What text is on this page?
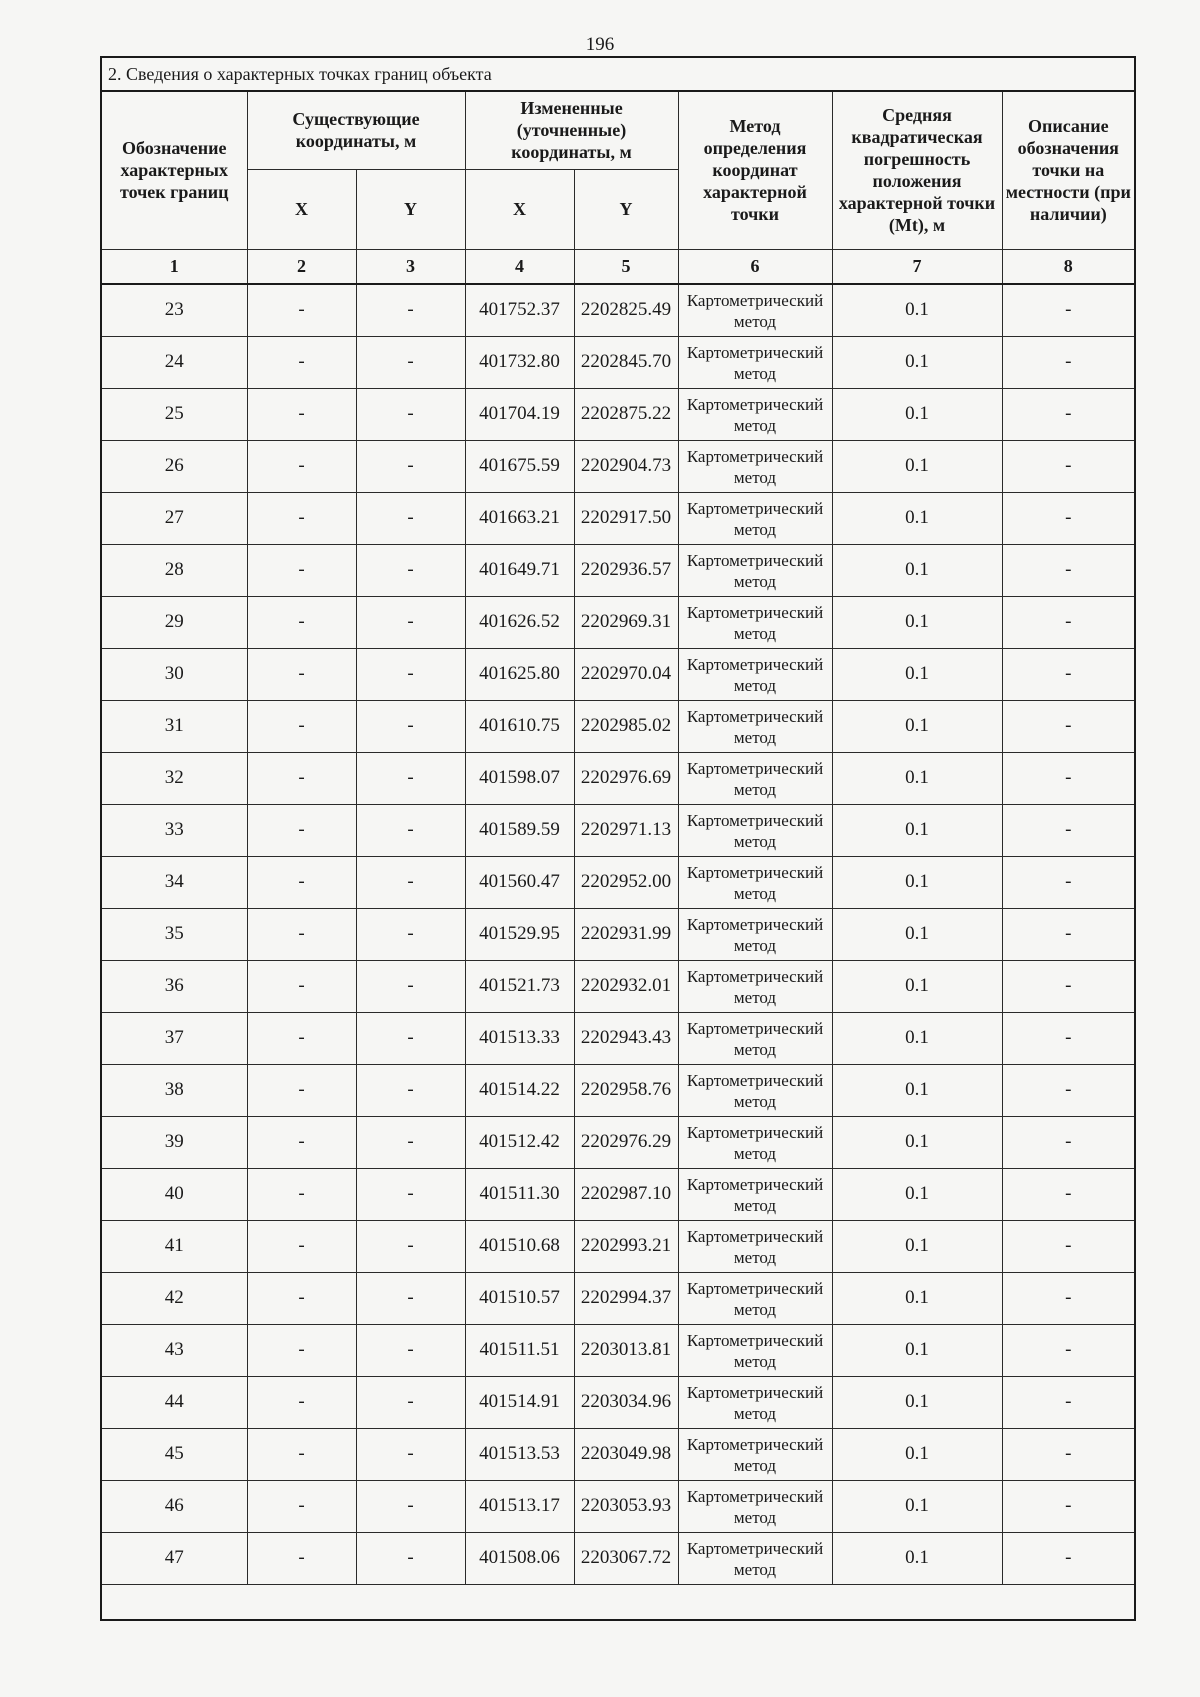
196
2. Сведения о характерных точках границ объекта							
Обозначение характерных точек границ	Существующие координаты, м		Измененные (уточненные) координаты, м		Метод определения координат характерной точки	Средняя квадратическая погрешность положения характерной точки (Mt), м	Описание обозначения точки на местности (при наличии)
	X	Y	X	Y			
1	2	3	4	5	6	7	8
23	-	-	401752.37	2202825.49	Картометрический метод	0.1	-
24	-	-	401732.80	2202845.70	Картометрический метод	0.1	-
25	-	-	401704.19	2202875.22	Картометрический метод	0.1	-
26	-	-	401675.59	2202904.73	Картометрический метод	0.1	-
27	-	-	401663.21	2202917.50	Картометрический метод	0.1	-
28	-	-	401649.71	2202936.57	Картометрический метод	0.1	-
29	-	-	401626.52	2202969.31	Картометрический метод	0.1	-
30	-	-	401625.80	2202970.04	Картометрический метод	0.1	-
31	-	-	401610.75	2202985.02	Картометрический метод	0.1	-
32	-	-	401598.07	2202976.69	Картометрический метод	0.1	-
33	-	-	401589.59	2202971.13	Картометрический метод	0.1	-
34	-	-	401560.47	2202952.00	Картометрический метод	0.1	-
35	-	-	401529.95	2202931.99	Картометрический метод	0.1	-
36	-	-	401521.73	2202932.01	Картометрический метод	0.1	-
37	-	-	401513.33	2202943.43	Картометрический метод	0.1	-
38	-	-	401514.22	2202958.76	Картометрический метод	0.1	-
39	-	-	401512.42	2202976.29	Картометрический метод	0.1	-
40	-	-	401511.30	2202987.10	Картометрический метод	0.1	-
41	-	-	401510.68	2202993.21	Картометрический метод	0.1	-
42	-	-	401510.57	2202994.37	Картометрический метод	0.1	-
43	-	-	401511.51	2203013.81	Картометрический метод	0.1	-
44	-	-	401514.91	2203034.96	Картометрический метод	0.1	-
45	-	-	401513.53	2203049.98	Картометрический метод	0.1	-
46	-	-	401513.17	2203053.93	Картометрический метод	0.1	-
47	-	-	401508.06	2203067.72	Картометрический метод	0.1	-
